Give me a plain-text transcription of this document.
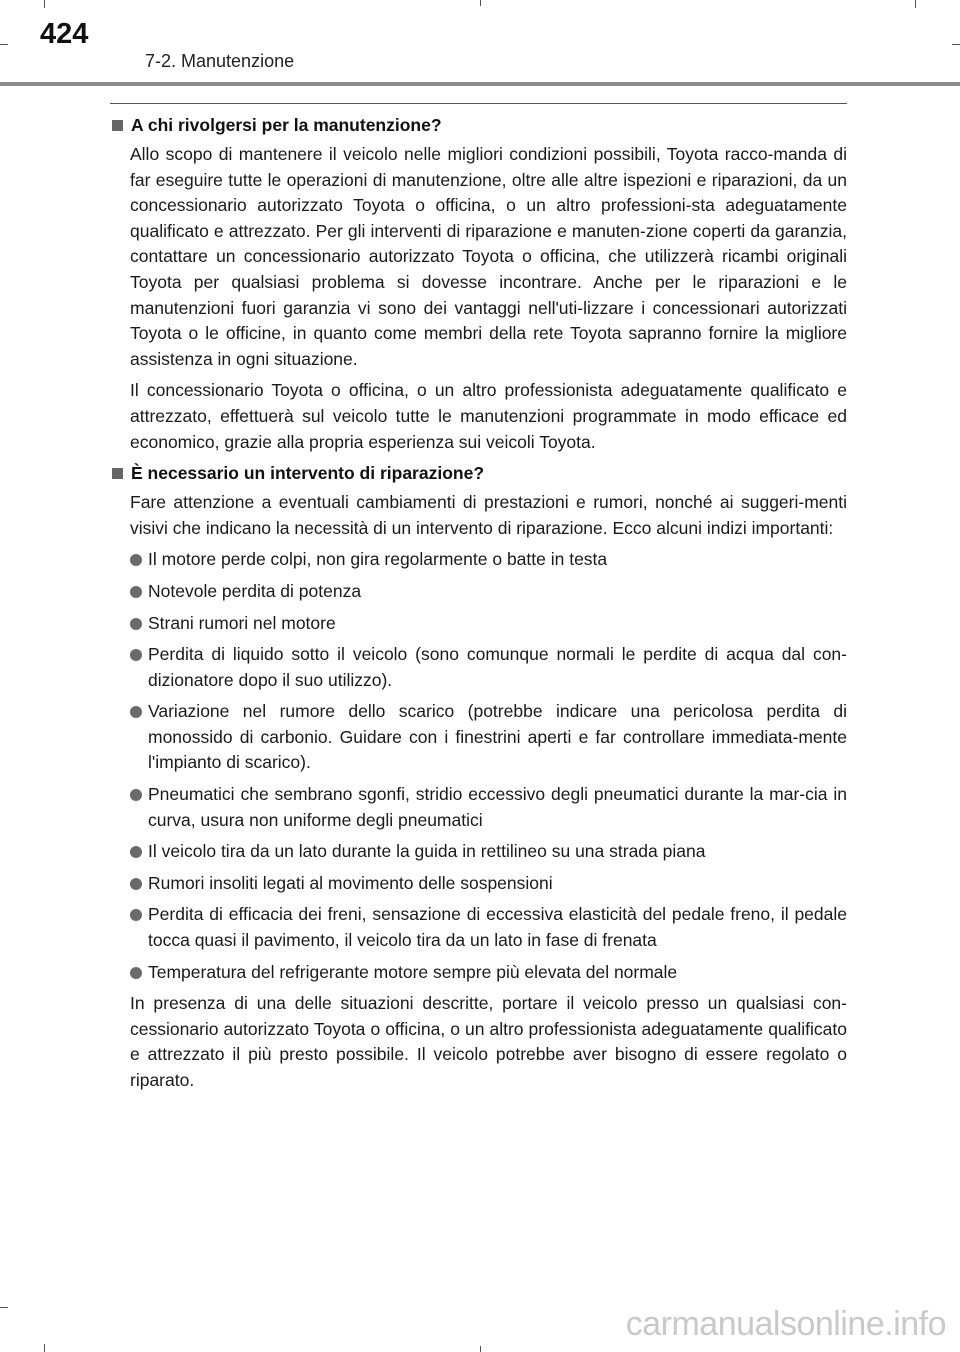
424
7-2. Manutenzione
A chi rivolgersi per la manutenzione?

Allo scopo di mantenere il veicolo nelle migliori condizioni possibili, Toyota racco-manda di far eseguire tutte le operazioni di manutenzione, oltre alle altre ispezioni e riparazioni, da un concessionario autorizzato Toyota o officina, o un altro professioni-sta adeguatamente qualificato e attrezzato. Per gli interventi di riparazione e manuten-zione coperti da garanzia, contattare un concessionario autorizzato Toyota o officina, che utilizzerà ricambi originali Toyota per qualsiasi problema si dovesse incontrare. Anche per le riparazioni e le manutenzioni fuori garanzia vi sono dei vantaggi nell'uti-lizzare i concessionari autorizzati Toyota o le officine, in quanto come membri della rete Toyota sapranno fornire la migliore assistenza in ogni situazione.

Il concessionario Toyota o officina, o un altro professionista adeguatamente qualificato e attrezzato, effettuerà sul veicolo tutte le manutenzioni programmate in modo efficace ed economico, grazie alla propria esperienza sui veicoli Toyota.

È necessario un intervento di riparazione?

Fare attenzione a eventuali cambiamenti di prestazioni e rumori, nonché ai suggeri-menti visivi che indicano la necessità di un intervento di riparazione. Ecco alcuni indizi importanti:

Il motore perde colpi, non gira regolarmente o batte in testa
Notevole perdita di potenza
Strani rumori nel motore
Perdita di liquido sotto il veicolo (sono comunque normali le perdite di acqua dal con-dizionatore dopo il suo utilizzo).
Variazione nel rumore dello scarico (potrebbe indicare una pericolosa perdita di monossido di carbonio. Guidare con i finestrini aperti e far controllare immediata-mente l'impianto di scarico).
Pneumatici che sembrano sgonfi, stridio eccessivo degli pneumatici durante la mar-cia in curva, usura non uniforme degli pneumatici
Il veicolo tira da un lato durante la guida in rettilineo su una strada piana
Rumori insoliti legati al movimento delle sospensioni
Perdita di efficacia dei freni, sensazione di eccessiva elasticità del pedale freno, il pedale tocca quasi il pavimento, il veicolo tira da un lato in fase di frenata
Temperatura del refrigerante motore sempre più elevata del normale

In presenza di una delle situazioni descritte, portare il veicolo presso un qualsiasi con-cessionario autorizzato Toyota o officina, o un altro professionista adeguatamente qualificato e attrezzato il più presto possibile. Il veicolo potrebbe aver bisogno di essere regolato o riparato.

carmanualsonline.info
